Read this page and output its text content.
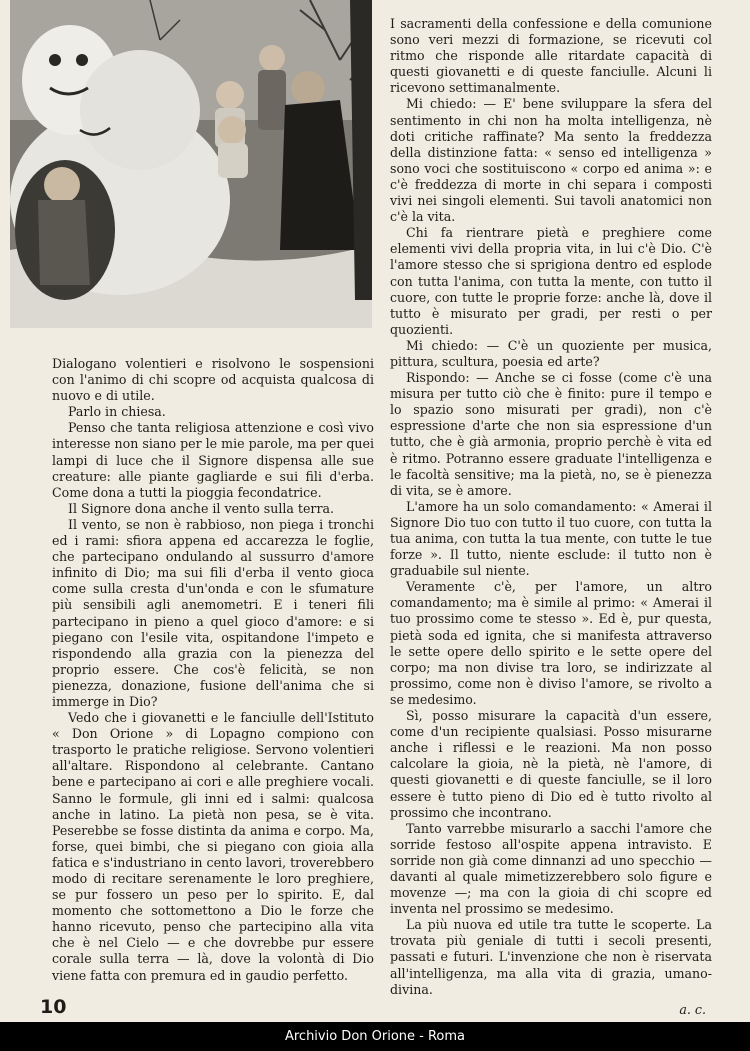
Dialogano volentieri e risolvono le sospensioni con l'animo di chi scopre od acquista qualcosa di nuovo e di utile.

Parlo in chiesa.

Penso che tanta religiosa attenzione e così vivo interesse non siano per le mie parole, ma per quei lampi di luce che il Signore dispensa alle sue creature: alle piante gagliarde e sui fili d'erba. Come dona a tutti la pioggia fecondatrice.

Il Signore dona anche il vento sulla terra.

Il vento, se non è rabbioso, non piega i tronchi ed i rami: sfiora appena ed accarezza le foglie, che partecipano ondulando al sussurro d'amore infinito di Dio; ma sui fili d'erba il vento gioca come sulla cresta d'un'onda e con le sfumature più sensibili agli anemometri. E i teneri fili partecipano in pieno a quel gioco d'amore: e si piegano con l'esile vita, ospitandone l'impeto e rispondendo alla grazia con la pienezza del proprio essere. Che cos'è felicità, se non pienezza, donazione, fusione dell'anima che si immerge in Dio?

Vedo che i giovanetti e le fanciulle dell'Istituto « Don Orione » di Lopagno compiono con trasporto le pratiche religiose. Servono volentieri all'altare. Rispondono al celebrante. Cantano bene e partecipano ai cori e alle preghiere vocali. Sanno le formule, gli inni ed i salmi: qualcosa anche in latino. La pietà non pesa, se è vita. Peserebbe se fosse distinta da anima e corpo. Ma, forse, quei bimbi, che si piegano con gioia alla fatica e s'industriano in cento lavori, troverebbero modo di recitare serenamente le loro preghiere, se pur fossero un peso per lo spirito. E, dal momento che sottomettono a Dio le forze che hanno ricevuto, penso che partecipino alla vita che è nel Cielo — e che dovrebbe pur essere corale sulla terra — là, dove la volontà di Dio viene fatta con premura ed in gaudio perfetto.

I sacramenti della confessione e della comunione sono veri mezzi di formazione, se ricevuti col ritmo che risponde alle ritardate capacità di questi giovanetti e di queste fanciulle. Alcuni li ricevono settimanalmente.

Mi chiedo: — E' bene sviluppare la sfera del sentimento in chi non ha molta intelligenza, nè doti critiche raffinate? Ma sento la freddezza della distinzione fatta: « senso ed intelligenza » sono voci che sostituiscono « corpo ed anima »: e c'è freddezza di morte in chi separa i composti vivi nei singoli elementi. Sui tavoli anatomici non c'è la vita.

Chi fa rientrare pietà e preghiere come elementi vivi della propria vita, in lui c'è Dio. C'è l'amore stesso che si sprigiona dentro ed esplode con tutta l'anima, con tutta la mente, con tutto il cuore, con tutte le proprie forze: anche là, dove il tutto è misurato per gradi, per resti o per quozienti.

Mi chiedo: — C'è un quoziente per musica, pittura, scultura, poesia ed arte?

Rispondo: — Anche se ci fosse (come c'è una misura per tutto ciò che è finito: pure il tempo e lo spazio sono misurati per gradi), non c'è espressione d'arte che non sia espressione d'un tutto, che è già armonia, proprio perchè è vita ed è ritmo. Potranno essere graduate l'intelligenza e le facoltà sensitive; ma la pietà, no, se è pienezza di vita, se è amore.

L'amore ha un solo comandamento: « Amerai il Signore Dio tuo con tutto il tuo cuore, con tutta la tua anima, con tutta la tua mente, con tutte le tue forze ». Il tutto, niente esclude: il tutto non è graduabile sul niente.

Veramente c'è, per l'amore, un altro comandamento; ma è simile al primo: « Amerai il tuo prossimo come te stesso ». Ed è, pur questa, pietà soda ed ignita, che si manifesta attraverso le sette opere dello spirito e le sette opere del corpo; ma non divise tra loro, se indirizzate al prossimo, come non è diviso l'amore, se rivolto a se medesimo.

Sì, posso misurare la capacità d'un essere, come d'un recipiente qualsiasi. Posso misurarne anche i riflessi e le reazioni. Ma non posso calcolare la gioia, nè la pietà, nè l'amore, di questi giovanetti e di queste fanciulle, se il loro essere è tutto pieno di Dio ed è tutto rivolto al prossimo che incontrano.

Tanto varrebbe misurarlo a sacchi l'amore che sorride festoso all'ospite appena intravisto. E sorride non già come dinnanzi ad uno specchio — davanti al quale mimetizzerebbero solo figure e movenze —; ma con la gioia di chi scopre ed inventa nel prossimo se medesimo.

La più nuova ed utile tra tutte le scoperte. La trovata più geniale di tutti i secoli presenti, passati e futuri. L'invenzione che non è riservata all'intelligenza, ma alla vita di grazia, umano-divina.

a. c.
10
Archivio Don Orione - Roma
